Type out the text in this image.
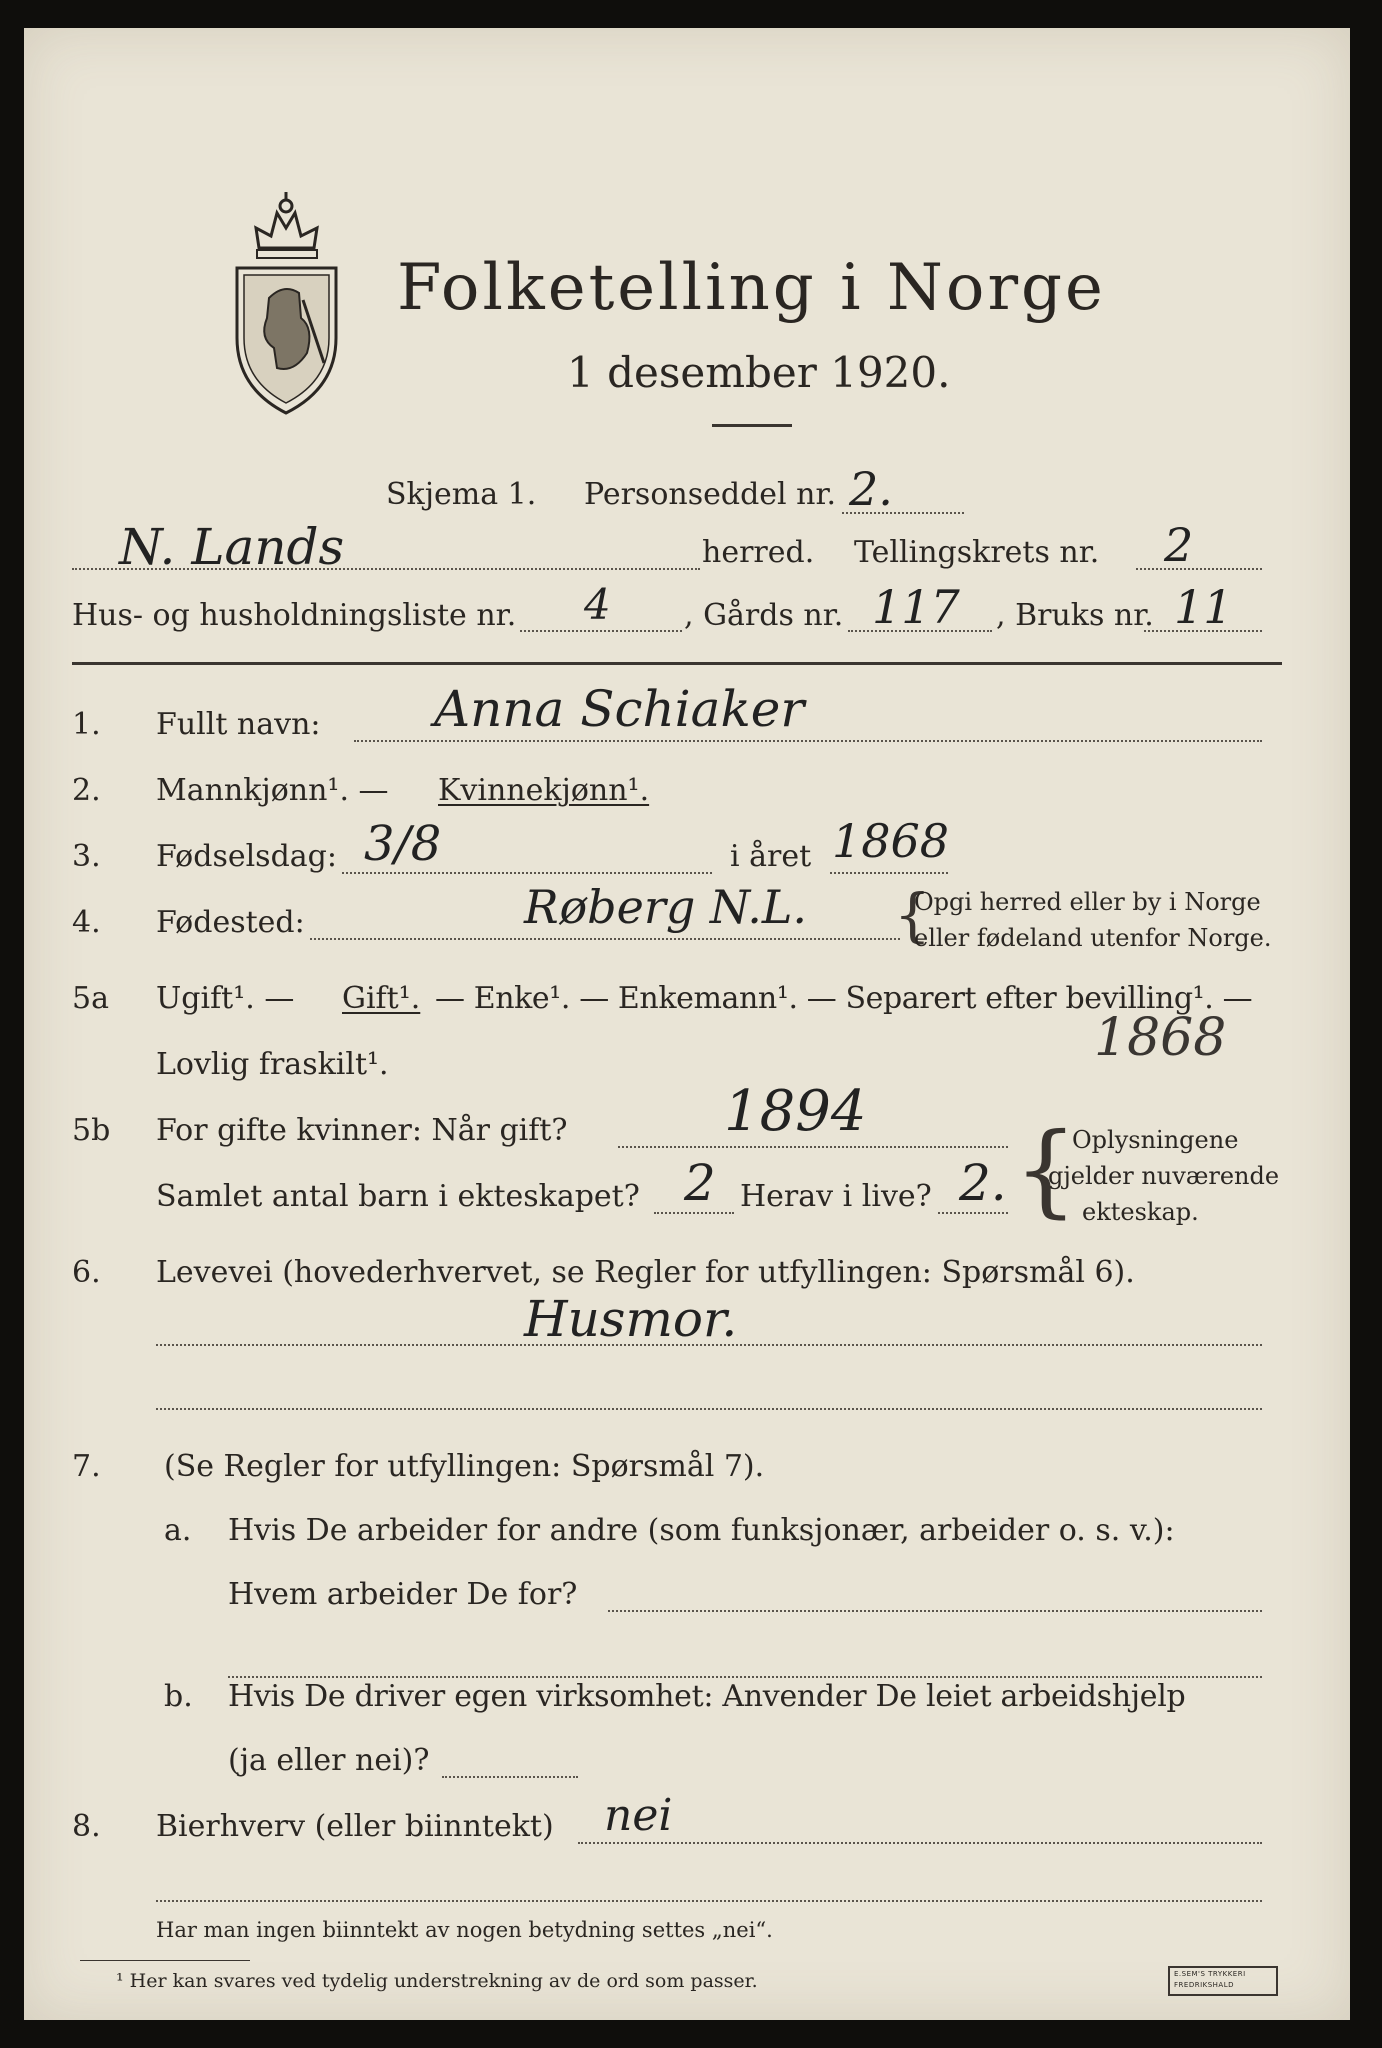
Folketelling i Norge
1 desember 1920.
Skjema 1. Personseddel nr. 2.
N. Lands	herred. Tellingskrets nr. 2
Hus- og husholdningsliste nr. 4 , Gårds nr. 117 , Bruks nr. 11
1. Fullt navn: Anna Schiaker
2. Mannkjønn¹. — Kvinnekjønn¹.
3. Fødselsdag: 3/8	i året 1868
4. Fødested:	Røberg N.L. {
Opgi herred eller by i Norge
eller fødeland utenfor Norge.
5a Ugift¹. — Gift¹. — Enke¹. — Enkemann¹. — Separert efter bevilling¹. —
Lovlig fraskilt¹.	1868
5b For gifte kvinner: Når gift?	1894
Samlet antal barn i ekteskapet? 2 Herav i live? 2. {
Oplysningene
gjelder nuværende
ekteskap.
6. Levevei (hovederhvervet, se Regler for utfyllingen: Spørsmål 6).
Husmor.
7. (Se Regler for utfyllingen: Spørsmål 7).
a. Hvis De arbeider for andre (som funksjonær, arbeider o. s. v.):
Hvem arbeider De for?
b. Hvis De driver egen virksomhet: Anvender De leiet arbeidshjelp
(ja eller nei)?
8. Bierhverv (eller biinntekt) nei
Har man ingen biinntekt av nogen betydning settes „nei“.
¹ Her kan svares ved tydelig understrekning av de ord som passer.	E.SEM'S TRYKKERI
FREDRIKSHALD
